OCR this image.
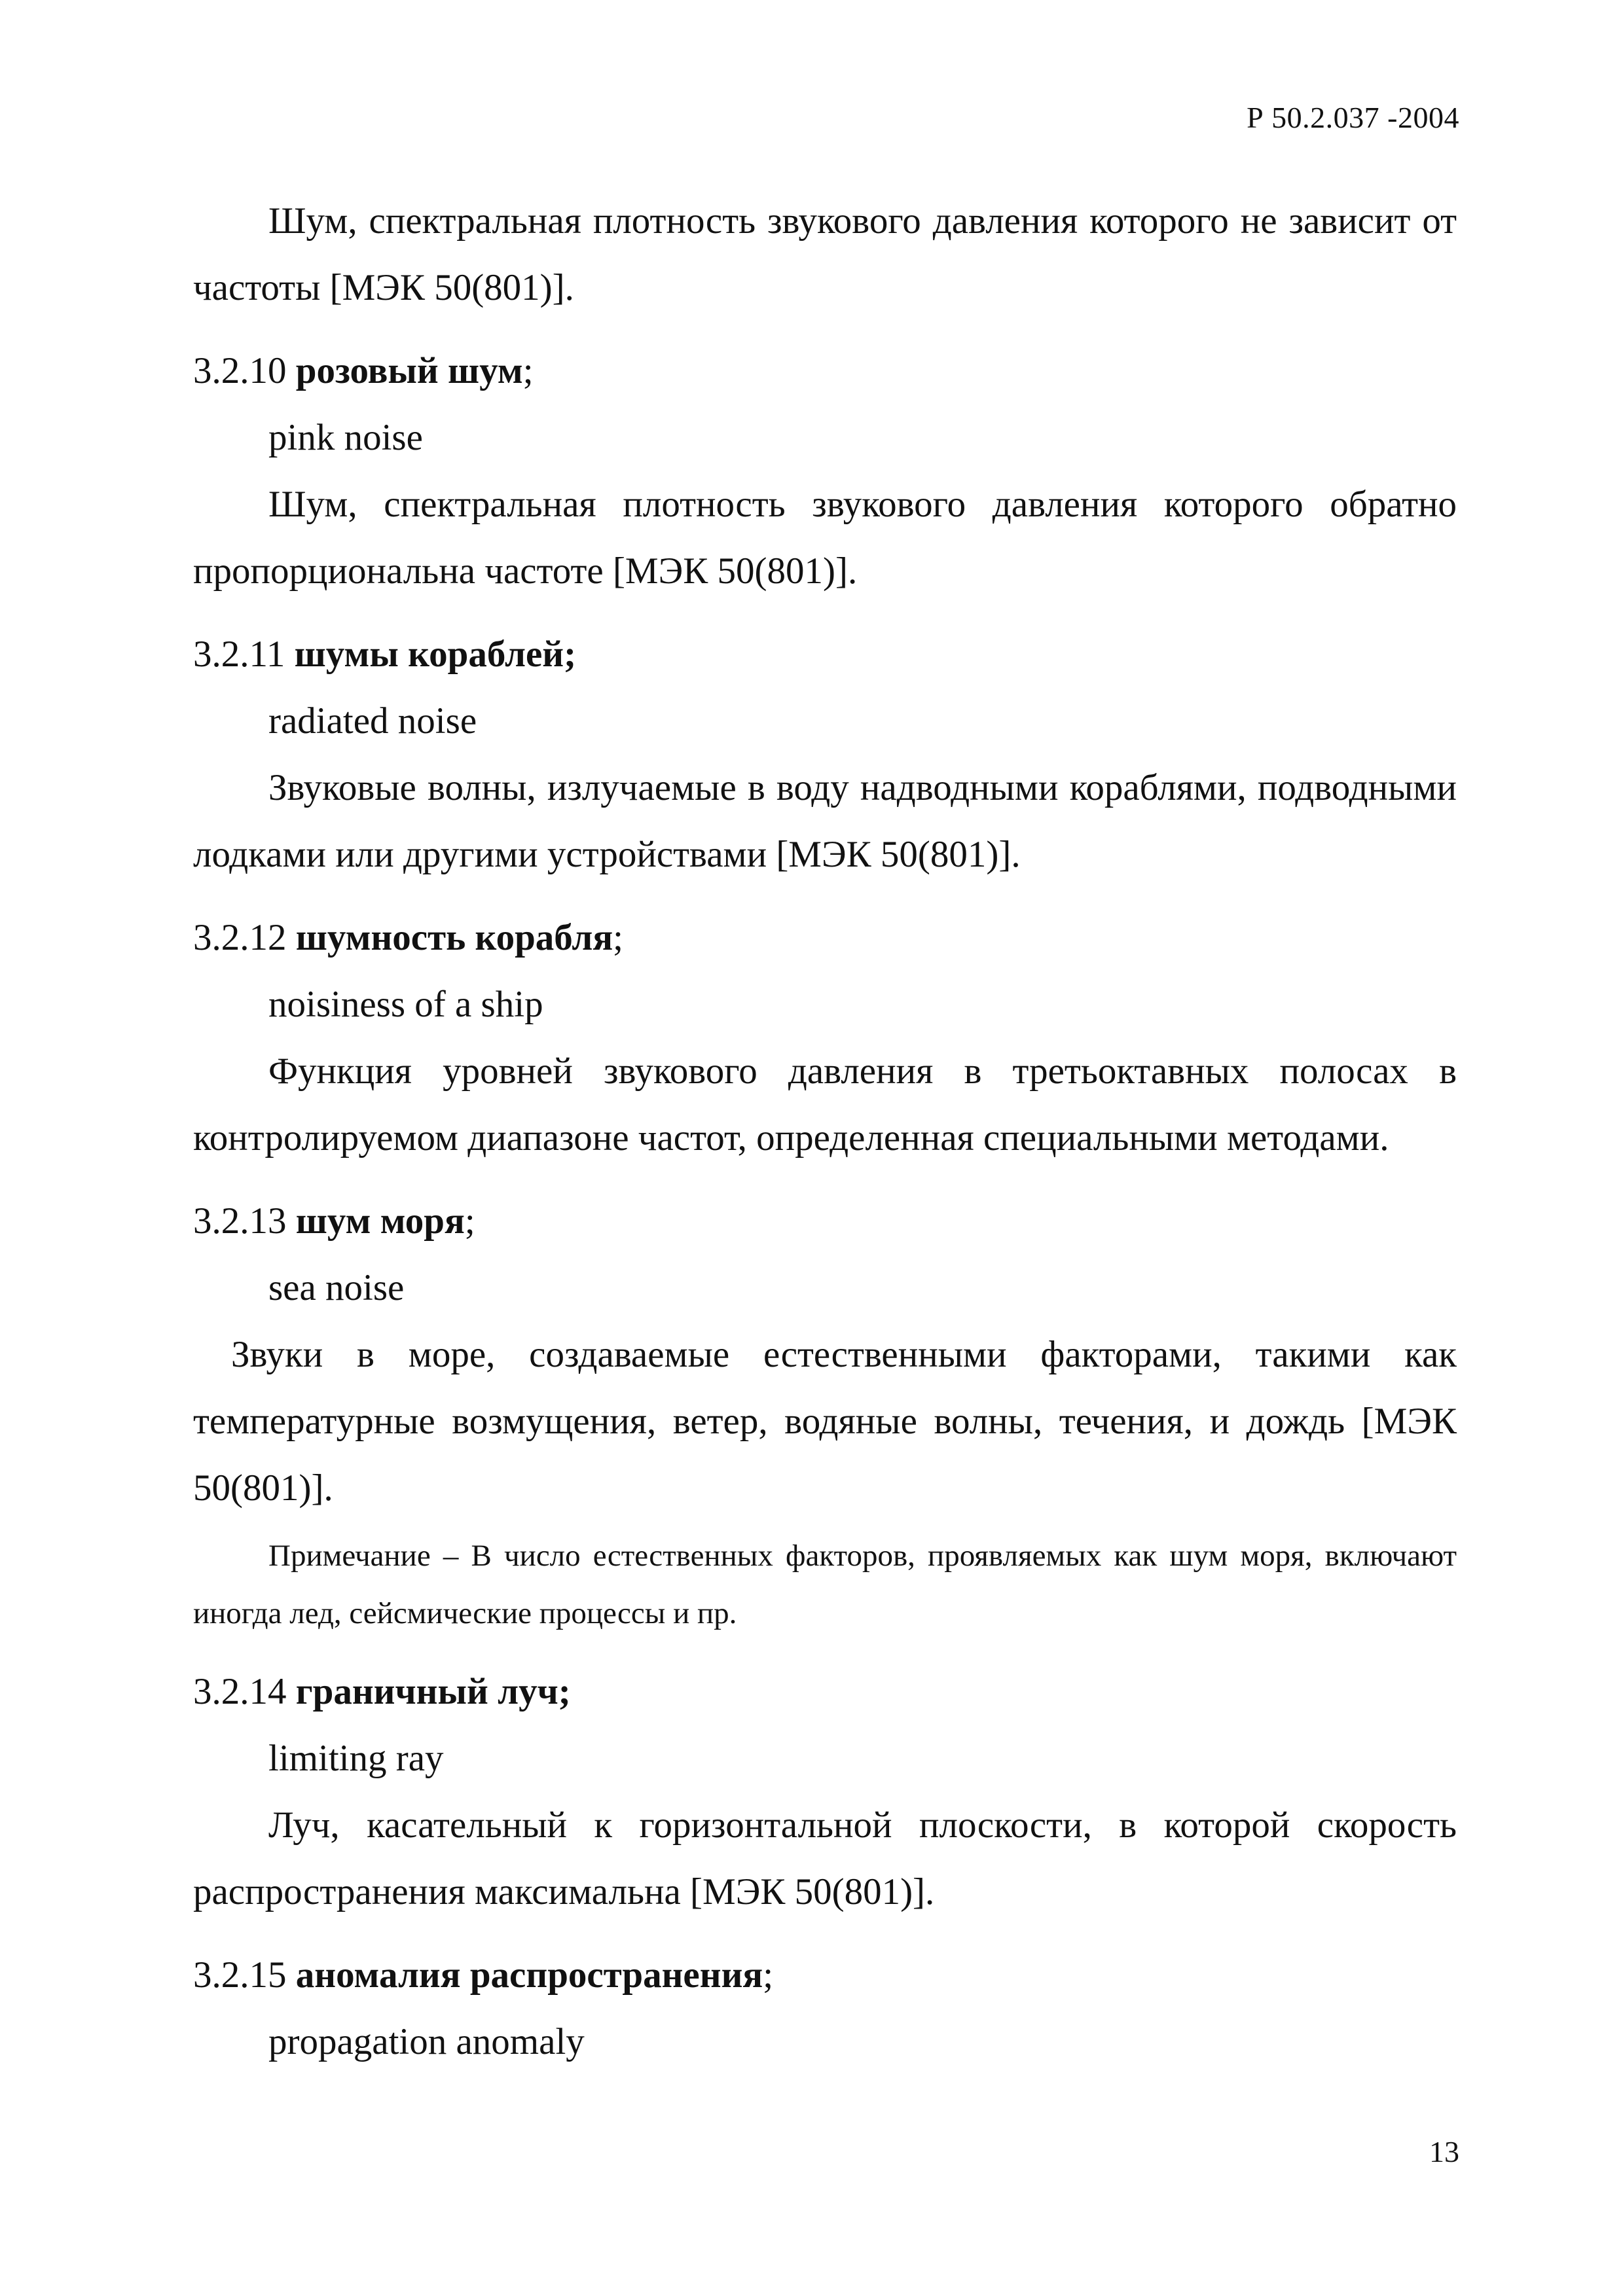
Р 50.2.037 -2004

Шум, спектральная плотность звукового давления которого не зависит от частоты [МЭК 50(801)].

3.2.10 розовый шум;

pink noise

Шум, спектральная плотность звукового давления которого обратно пропорциональна частоте [МЭК 50(801)].

3.2.11 шумы кораблей;

radiated noise

Звуковые волны, излучаемые в воду надводными кораблями, подводными лодками или другими устройствами [МЭК 50(801)].

3.2.12 шумность корабля;

noisiness of a ship

Функция уровней звукового давления в третьоктавных полосах в контролируемом диапазоне частот, определенная специальными методами.

3.2.13 шум моря;

sea noise

Звуки в море, создаваемые естественными факторами, такими как температурные возмущения, ветер, водяные волны, течения, и дождь [МЭК 50(801)].

Примечание – В число естественных факторов, проявляемых как шум моря, включают иногда лед, сейсмические процессы и пр.

3.2.14 граничный луч;

limiting ray

Луч, касательный к горизонтальной плоскости, в которой скорость распространения максимальна [МЭК 50(801)].

3.2.15 аномалия распространения;

propagation anomaly

13
